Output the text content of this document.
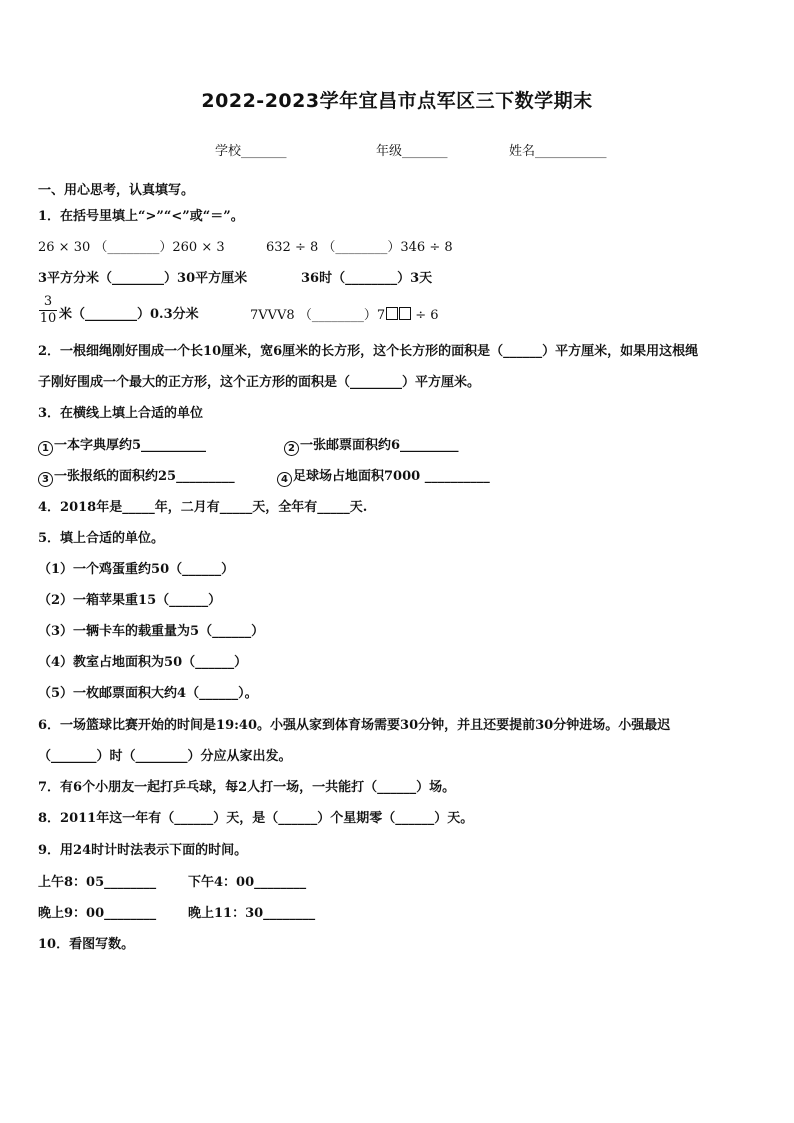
2022-2023学年宜昌市点军区三下数学期末
学校_______	年级_______	姓名___________
一、用心思考，认真填写。
1．在括号里填上“>”“<”或“＝”。
26 × 30 （________）260 × 3	632 ÷ 8 （________）346 ÷ 8
3平方分米（________）30平方厘米	36时（________）3天
$\frac{3}{10}$ 米（________）0.3分米	7VVV8 （________）7 ÷ 6
2．一根细绳刚好围成一个长10厘米，宽6厘米的长方形，这个长方形的面积是（______）平方厘米，如果用这根绳
子刚好围成一个最大的正方形，这个正方形的面积是（________）平方厘米。
3．在横线上填上合适的单位
1 一本字典厚约5__________	2 一张邮票面积约6_________
3 一张报纸的面积约25_________	4 足球场占地面积7000 __________
4．2018年是_____年，二月有_____天，全年有_____天.
5．填上合适的单位。
（1）一个鸡蛋重约50（______）
（2）一箱苹果重15（______）
（3）一辆卡车的载重量为5（______）
（4）教室占地面积为50（______）
（5）一枚邮票面积大约4（______）。
6．一场篮球比赛开始的时间是19:40。小强从家到体育场需要30分钟，并且还要提前30分钟进场。小强最迟
（_______）时（________）分应从家出发。
7．有6个小朋友一起打乒乓球，每2人打一场，一共能打（______）场。
8．2011年这一年有（______）天，是（______）个星期零（______）天。
9．用24时计时法表示下面的时间。
上午8：05________ 下午4：00________
晚上9：00________ 晚上11：30________
10．看图写数。
